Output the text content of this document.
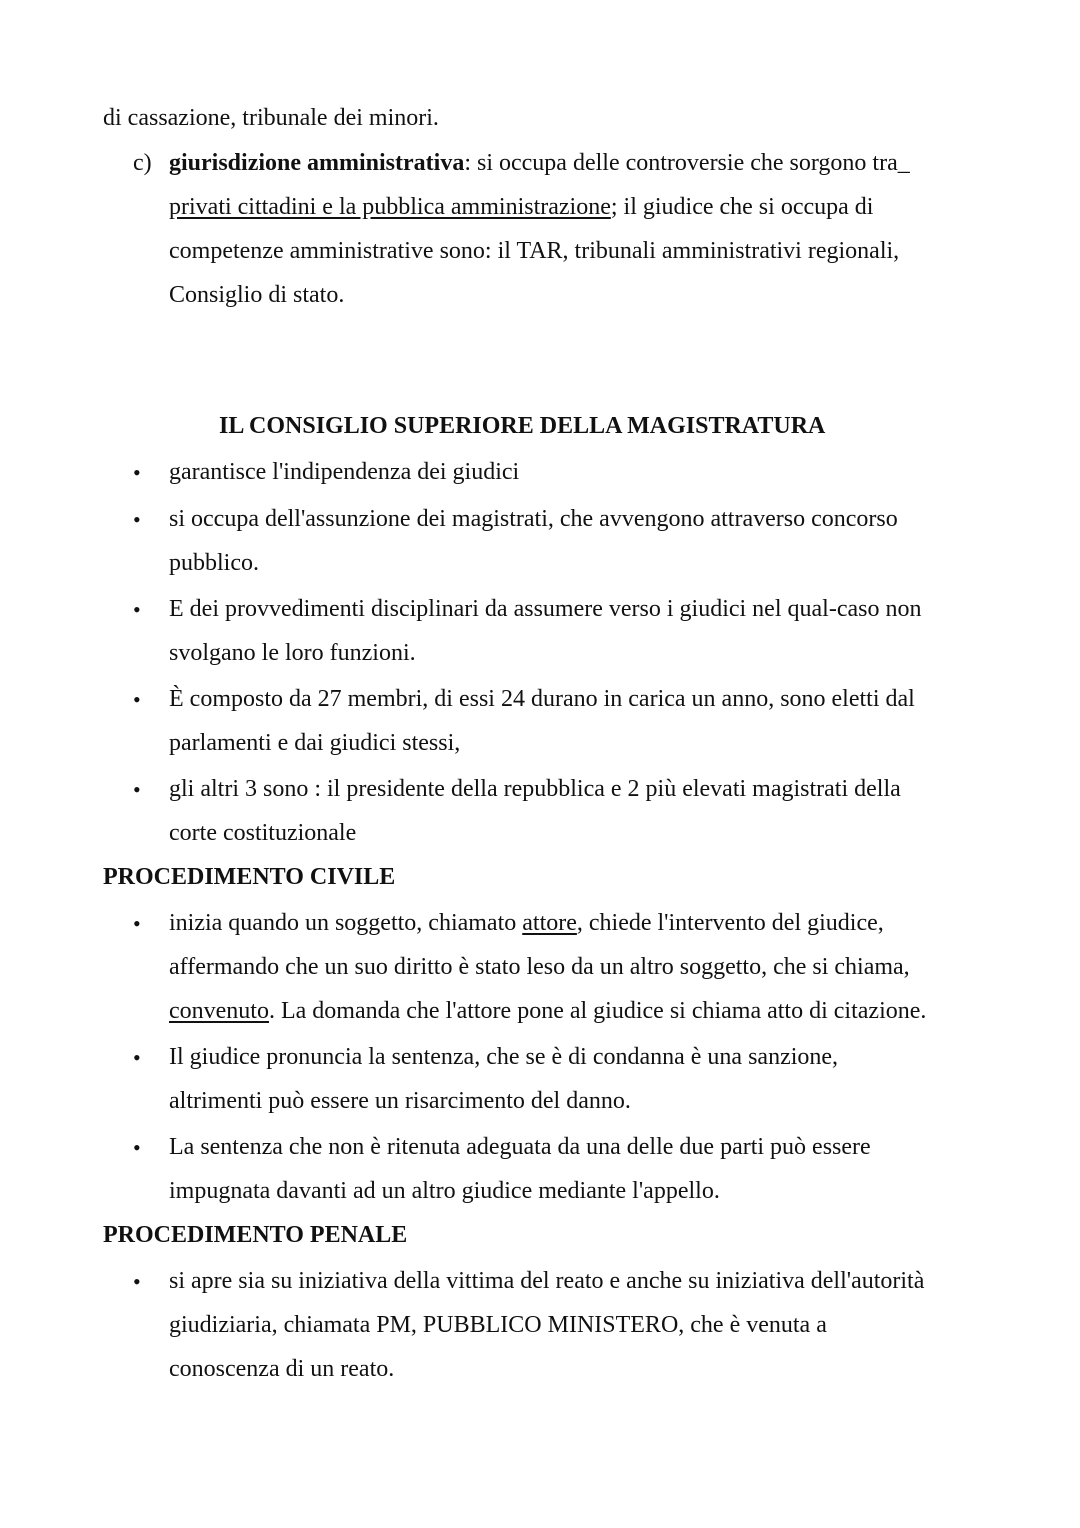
di cassazione, tribunale dei minori.
c) giurisdizione amministrativa: si occupa delle controversie che sorgono tra_
privati cittadini e la pubblica amministrazione; il giudice che si occupa di
competenze amministrative sono: il TAR, tribunali amministrativi regionali,
Consiglio di stato.
IL CONSIGLIO SUPERIORE DELLA MAGISTRATURA
• garantisce l'indipendenza dei giudici
• si occupa dell'assunzione dei magistrati, che avvengono attraverso concorso
pubblico.
• E dei provvedimenti disciplinari da assumere verso i giudici nel qual-caso non
svolgano le loro funzioni.
• È composto da 27 membri, di essi 24 durano in carica un anno, sono eletti dal
parlamenti e dai giudici stessi,
• gli altri 3 sono : il presidente della repubblica e 2 più elevati magistrati della
corte costituzionale
PROCEDIMENTO CIVILE
• inizia quando un soggetto, chiamato attore, chiede l'intervento del giudice,
affermando che un suo diritto è stato leso da un altro soggetto, che si chiama,
convenuto. La domanda che l'attore pone al giudice si chiama atto di citazione.
• Il giudice pronuncia la sentenza, che se è di condanna è una sanzione,
altrimenti può essere un risarcimento del danno.
• La sentenza che non è ritenuta adeguata da una delle due parti può essere
impugnata davanti ad un altro giudice mediante l'appello.
PROCEDIMENTO PENALE
• si apre sia su iniziativa della vittima del reato e anche su iniziativa dell'autorità
giudiziaria, chiamata PM, PUBBLICO MINISTERO, che è venuta a
conoscenza di un reato.
